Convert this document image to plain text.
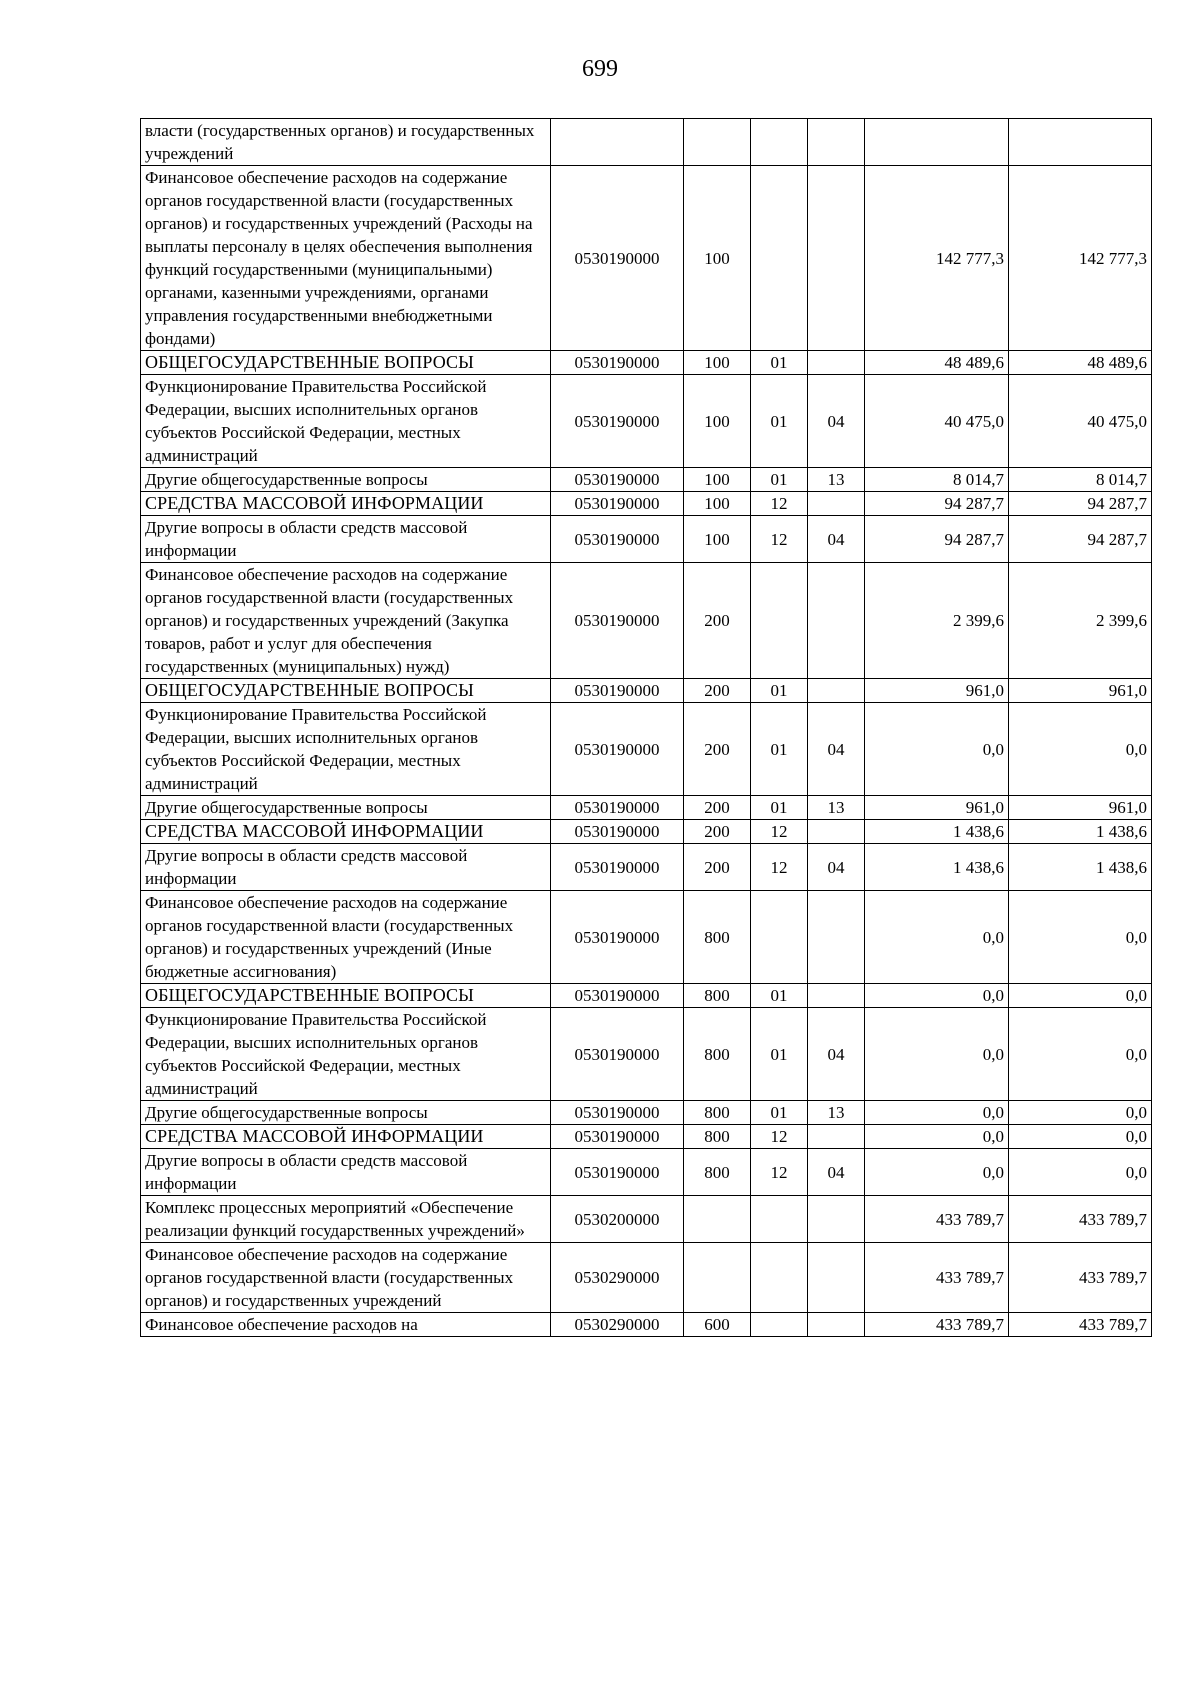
699
власти (государственных органов) и государственных учреждений						
Финансовое обеспечение расходов на содержание органов государственной власти (государственных органов) и государственных учреждений (Расходы на выплаты персоналу в целях обеспечения выполнения функций государственными (муниципальными) органами, казенными учреждениями, органами управления государственными внебюджетными фондами)	0530190000	100			142 777,3	142 777,3
ОБЩЕГОСУДАРСТВЕННЫЕ ВОПРОСЫ	0530190000	100	01		48 489,6	48 489,6
Функционирование Правительства Российской Федерации, высших исполнительных органов субъектов Российской Федерации, местных администраций	0530190000	100	01	04	40 475,0	40 475,0
Другие общегосударственные вопросы	0530190000	100	01	13	8 014,7	8 014,7
СРЕДСТВА МАССОВОЙ ИНФОРМАЦИИ	0530190000	100	12		94 287,7	94 287,7
Другие вопросы в области средств массовой информации	0530190000	100	12	04	94 287,7	94 287,7
Финансовое обеспечение расходов на содержание органов государственной власти (государственных органов) и государственных учреждений (Закупка товаров, работ и услуг для обеспечения государственных (муниципальных) нужд)	0530190000	200			2 399,6	2 399,6
ОБЩЕГОСУДАРСТВЕННЫЕ ВОПРОСЫ	0530190000	200	01		961,0	961,0
Функционирование Правительства Российской Федерации, высших исполнительных органов субъектов Российской Федерации, местных администраций	0530190000	200	01	04	0,0	0,0
Другие общегосударственные вопросы	0530190000	200	01	13	961,0	961,0
СРЕДСТВА МАССОВОЙ ИНФОРМАЦИИ	0530190000	200	12		1 438,6	1 438,6
Другие вопросы в области средств массовой информации	0530190000	200	12	04	1 438,6	1 438,6
Финансовое обеспечение расходов на содержание органов государственной власти (государственных органов) и государственных учреждений (Иные бюджетные ассигнования)	0530190000	800			0,0	0,0
ОБЩЕГОСУДАРСТВЕННЫЕ ВОПРОСЫ	0530190000	800	01		0,0	0,0
Функционирование Правительства Российской Федерации, высших исполнительных органов субъектов Российской Федерации, местных администраций	0530190000	800	01	04	0,0	0,0
Другие общегосударственные вопросы	0530190000	800	01	13	0,0	0,0
СРЕДСТВА МАССОВОЙ ИНФОРМАЦИИ	0530190000	800	12		0,0	0,0
Другие вопросы в области средств массовой информации	0530190000	800	12	04	0,0	0,0
Комплекс процессных мероприятий «Обеспечение реализации функций государственных учреждений»	0530200000				433 789,7	433 789,7
Финансовое обеспечение расходов на содержание органов государственной власти (государственных органов) и государственных учреждений	0530290000				433 789,7	433 789,7
Финансовое обеспечение расходов на	0530290000	600			433 789,7	433 789,7
